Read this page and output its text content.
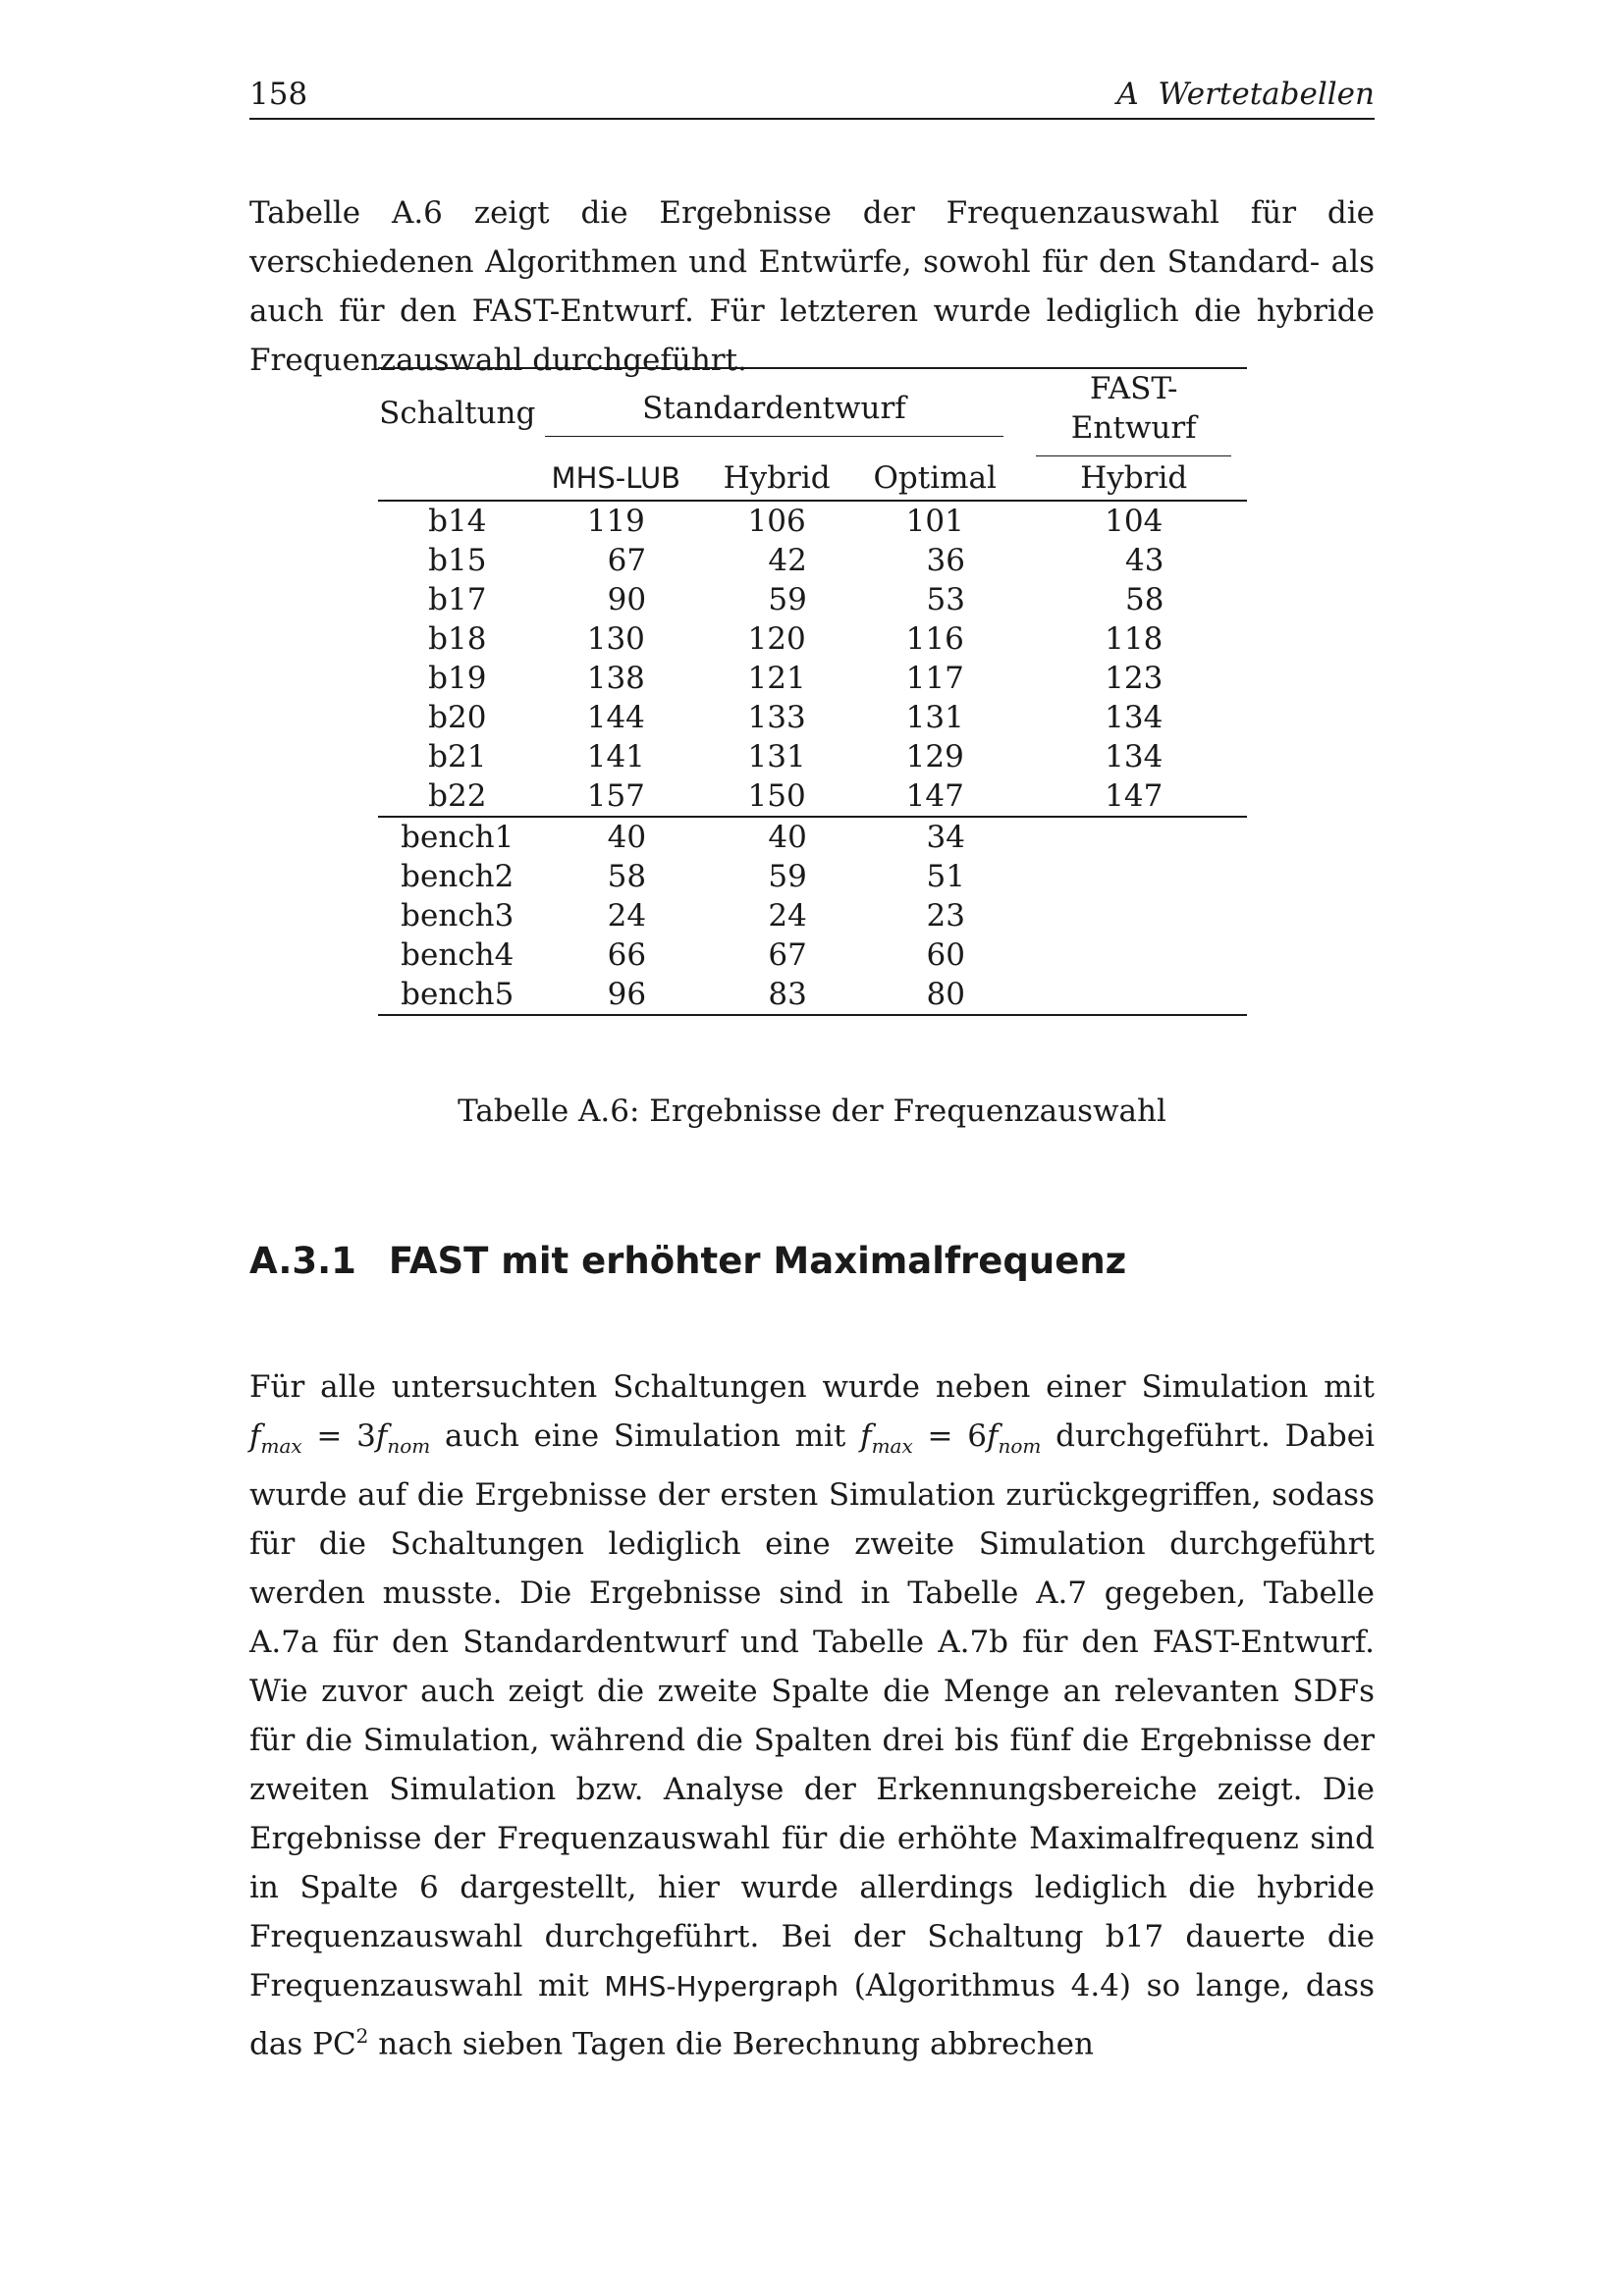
158	A  Wertetabellen

Tabelle A.6 zeigt die Ergebnisse der Frequenzauswahl für die verschiedenen Algorithmen und Entwürfe, sowohl für den Standard- als auch für den FAST-Entwurf. Für letzteren wurde lediglich die hybride Frequenzauswahl durchgeführt.

Schaltung	Standardentwurf				FAST-Entwurf

	MHS-LUB	Hybrid	Optimal		Hybrid
b14	119	106	101		104
b15	67	42	36		43
b17	90	59	53		58
b18	130	120	116		118
b19	138	121	117		123
b20	144	133	131		134
b21	141	131	129		134
b22	157	150	147		147
bench1	40	40	34		
bench2	58	59	51		
bench3	24	24	23		
bench4	66	67	60		
bench5	96	83	80		
Tabelle A.6: Ergebnisse der Frequenzauswahl
A.3.1 FAST mit erhöhter Maximalfrequenz

Für alle untersuchten Schaltungen wurde neben einer Simulation mit $f_{max} = 3f_{nom}$ auch eine Simulation mit $f_{max} = 6f_{nom}$ durchgeführt. Dabei wurde auf die Ergebnisse der ersten Simulation zurückgegriffen, sodass für die Schaltungen lediglich eine zweite Simulation durchgeführt werden musste. Die Ergebnisse sind in Tabelle A.7 gegeben, Tabelle A.7a für den Standardentwurf und Tabelle A.7b für den FAST-Entwurf. Wie zuvor auch zeigt die zweite Spalte die Menge an relevanten SDFs für die Simulation, während die Spalten drei bis fünf die Ergebnisse der zweiten Simulation bzw. Analyse der Erkennungsbereiche zeigt. Die Ergebnisse der Frequenzauswahl für die erhöhte Maximalfrequenz sind in Spalte 6 dargestellt, hier wurde allerdings lediglich die hybride Frequenzauswahl durchgeführt. Bei der Schaltung b17 dauerte die Frequenzauswahl mit MHS-Hypergraph (Algorithmus 4.4) so lange, dass das $PC^2$ nach sieben Tagen die Berechnung abbrechen
